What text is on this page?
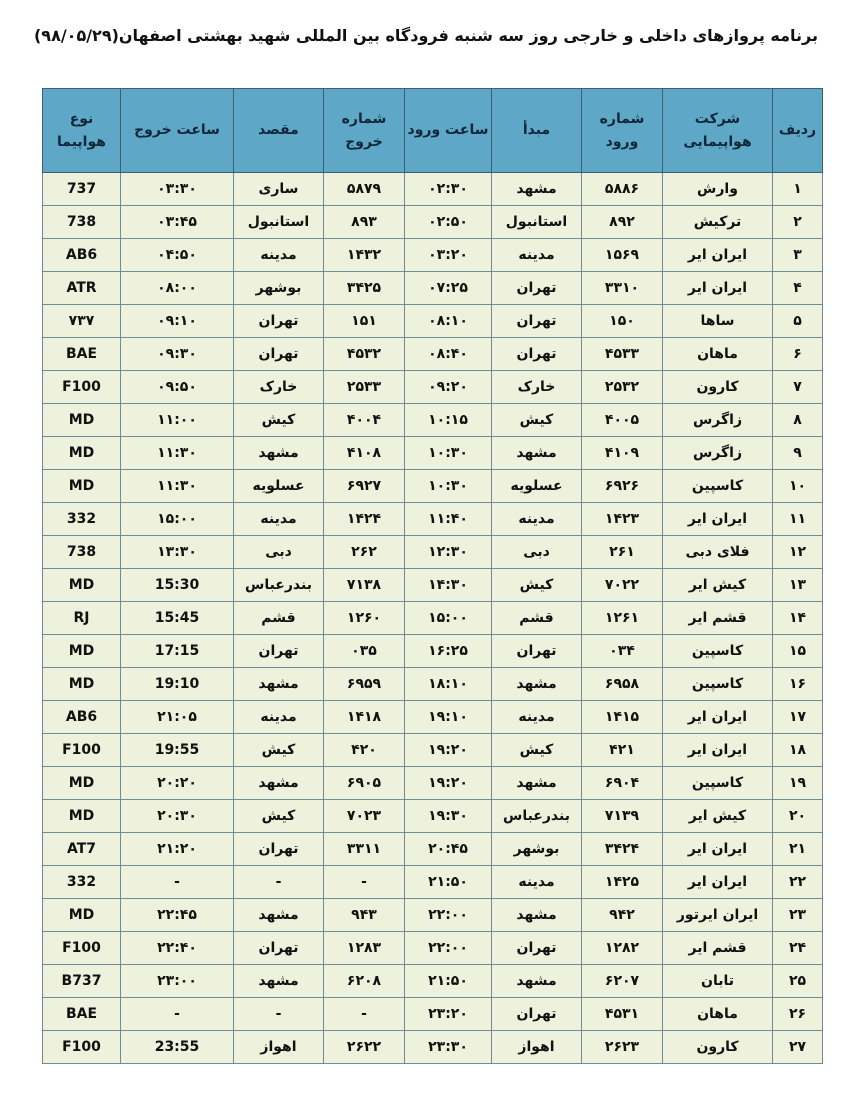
برنامه پروازهای داخلی و خارجی روز سه شنبه فرودگاه بین المللی شهید بهشتی اصفهان(۹۸/۰۵/۲۹)
ردیف	شرکت هواپیمایی	شماره ورود	مبدأ	ساعت ورود	شماره خروج	مقصد	ساعت خروج	نوع هواپیما
۱	وارش	۵۸۸۶	مشهد	۰۲:۳۰	۵۸۷۹	ساری	۰۳:۳۰	737
۲	ترکیش	۸۹۲	استانبول	۰۲:۵۰	۸۹۳	استانبول	۰۳:۴۵	738
۳	ایران ایر	۱۵۶۹	مدینه	۰۳:۲۰	۱۴۳۲	مدینه	۰۴:۵۰	AB6
۴	ایران ایر	۳۳۱۰	تهران	۰۷:۲۵	۳۴۲۵	بوشهر	۰۸:۰۰	ATR
۵	ساها	۱۵۰	تهران	۰۸:۱۰	۱۵۱	تهران	۰۹:۱۰	۷۳۷
۶	ماهان	۴۵۳۳	تهران	۰۸:۴۰	۴۵۳۲	تهران	۰۹:۳۰	BAE
۷	کارون	۲۵۳۲	خارک	۰۹:۲۰	۲۵۳۳	خارک	۰۹:۵۰	F100
۸	زاگرس	۴۰۰۵	کیش	۱۰:۱۵	۴۰۰۴	کیش	۱۱:۰۰	MD
۹	زاگرس	۴۱۰۹	مشهد	۱۰:۳۰	۴۱۰۸	مشهد	۱۱:۳۰	MD
۱۰	کاسپین	۶۹۲۶	عسلویه	۱۰:۳۰	۶۹۲۷	عسلویه	۱۱:۳۰	MD
۱۱	ایران ایر	۱۴۲۳	مدینه	۱۱:۴۰	۱۴۲۴	مدینه	۱۵:۰۰	332
۱۲	فلای دبی	۲۶۱	دبی	۱۲:۳۰	۲۶۲	دبی	۱۳:۳۰	738
۱۳	کیش ایر	۷۰۲۲	کیش	۱۴:۳۰	۷۱۳۸	بندرعباس	15:30	MD
۱۴	قشم ایر	۱۲۶۱	قشم	۱۵:۰۰	۱۲۶۰	قشم	15:45	RJ
۱۵	کاسپین	۰۳۴	تهران	۱۶:۲۵	۰۳۵	تهران	17:15	MD
۱۶	کاسپین	۶۹۵۸	مشهد	۱۸:۱۰	۶۹۵۹	مشهد	19:10	MD
۱۷	ایران ایر	۱۴۱۵	مدینه	۱۹:۱۰	۱۴۱۸	مدینه	۲۱:۰۵	AB6
۱۸	ایران ایر	۴۲۱	کیش	۱۹:۲۰	۴۲۰	کیش	19:55	F100
۱۹	کاسپین	۶۹۰۴	مشهد	۱۹:۲۰	۶۹۰۵	مشهد	۲۰:۲۰	MD
۲۰	کیش ایر	۷۱۳۹	بندرعباس	۱۹:۳۰	۷۰۲۳	کیش	۲۰:۳۰	MD
۲۱	ایران ایر	۳۴۲۴	بوشهر	۲۰:۴۵	۳۳۱۱	تهران	۲۱:۲۰	AT7
۲۲	ایران ایر	۱۴۲۵	مدینه	۲۱:۵۰	-	-	-	332
۲۳	ایران ایرتور	۹۴۲	مشهد	۲۲:۰۰	۹۴۳	مشهد	۲۲:۴۵	MD
۲۴	قشم ایر	۱۲۸۲	تهران	۲۲:۰۰	۱۲۸۳	تهران	۲۲:۴۰	F100
۲۵	تابان	۶۲۰۷	مشهد	۲۱:۵۰	۶۲۰۸	مشهد	۲۳:۰۰	B737
۲۶	ماهان	۴۵۳۱	تهران	۲۳:۲۰	-	-	-	BAE
۲۷	کارون	۲۶۲۳	اهواز	۲۳:۳۰	۲۶۲۲	اهواز	23:55	F100
